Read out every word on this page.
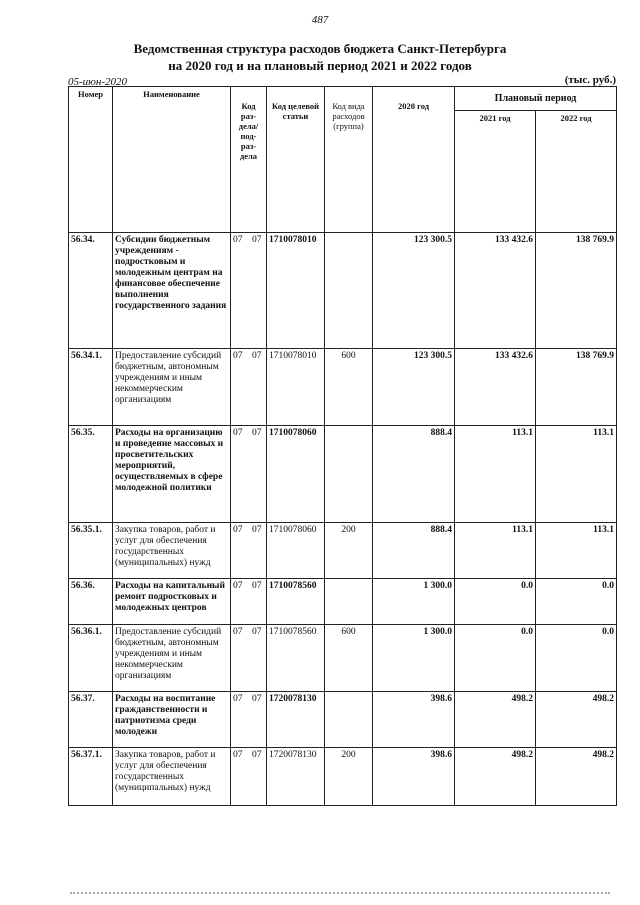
487
Ведомственная структура расходов бюджета Санкт-Петербурга
на 2020 год и на плановый период 2021 и 2022 годов
05-июн-2020	(тыс. руб.)
Номер	Наименование	Код раз- дела/ под- раз- дела	Код целевой статьи	Код вида расходов (группа)	2020 год	Плановый период	
						2021 год	2022 год
56.34.	Субсидии бюджетным учреждениям - подростковым и молодежным центрам на финансовое обеспечение выполнения государственного задания	07    07	1710078010		123 300.5	133 432.6	138 769.9
56.34.1.	Предоставление субсидий бюджетным, автономным учреждениям и иным некоммерческим организациям	07    07	1710078010	600	123 300.5	133 432.6	138 769.9
56.35.	Расходы на организацию и проведение массовых и просветительских мероприятий, осуществляемых в сфере молодежной политики	07    07	1710078060		888.4	113.1	113.1
56.35.1.	Закупка товаров, работ и услуг для обеспечения государственных (муниципальных) нужд	07    07	1710078060	200	888.4	113.1	113.1
56.36.	Расходы на капитальный ремонт подростковых и молодежных центров	07    07	1710078560		1 300.0	0.0	0.0
56.36.1.	Предоставление субсидий бюджетным, автономным учреждениям и иным некоммерческим организациям	07    07	1710078560	600	1 300.0	0.0	0.0
56.37.	Расходы на воспитание гражданственности и патриотизма среди молодежи	07    07	1720078130		398.6	498.2	498.2
56.37.1.	Закупка товаров, работ и услуг для обеспечения государственных (муниципальных) нужд	07    07	1720078130	200	398.6	498.2	498.2
